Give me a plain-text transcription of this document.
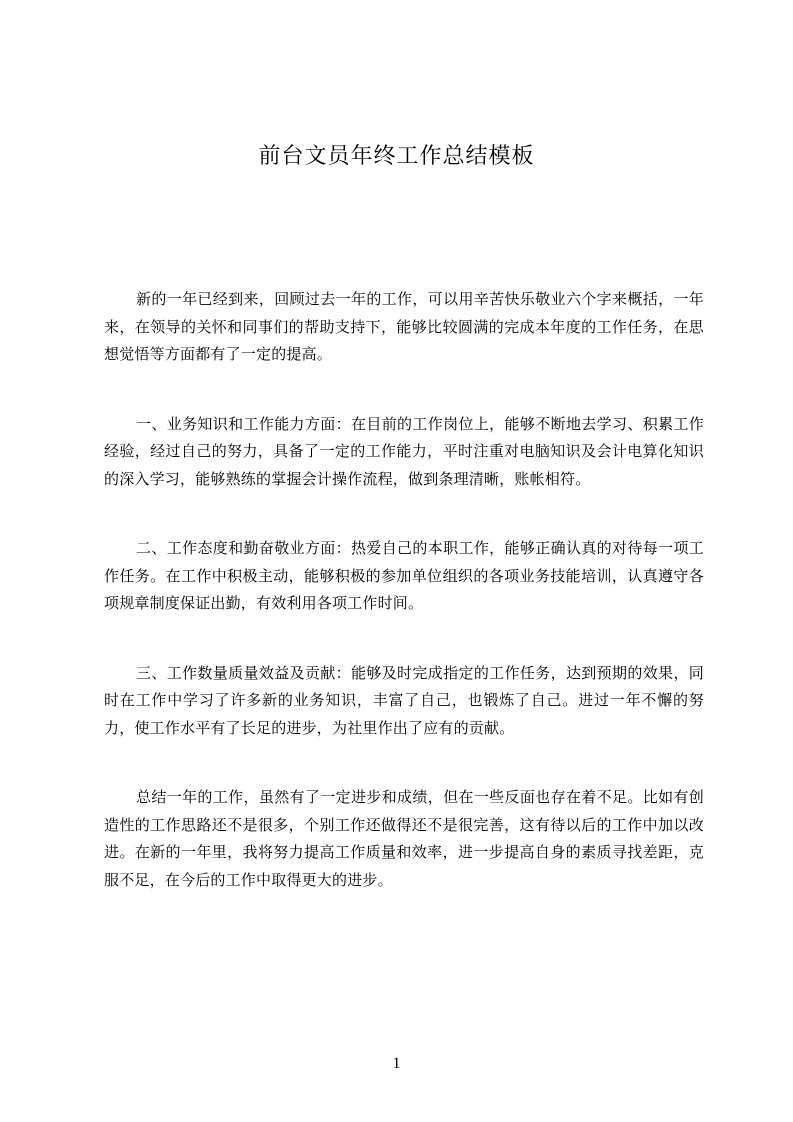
前台文员年终工作总结模板

新的一年已经到来，回顾过去一年的工作，可以用辛苦快乐敬业六个字来概括，一年来，在领导的关怀和同事们的帮助支持下，能够比较圆满的完成本年度的工作任务，在思想觉悟等方面都有了一定的提高。

一、业务知识和工作能力方面：在目前的工作岗位上，能够不断地去学习、积累工作经验，经过自己的努力，具备了一定的工作能力，平时注重对电脑知识及会计电算化知识的深入学习，能够熟练的掌握会计操作流程，做到条理清晰，账帐相符。

二、工作态度和勤奋敬业方面：热爱自己的本职工作，能够正确认真的对待每一项工作任务。在工作中积极主动，能够积极的参加单位组织的各项业务技能培训，认真遵守各项规章制度保证出勤，有效利用各项工作时间。

三、工作数量质量效益及贡献：能够及时完成指定的工作任务，达到预期的效果，同时在工作中学习了许多新的业务知识，丰富了自己，也锻炼了自己。进过一年不懈的努力，使工作水平有了长足的进步，为社里作出了应有的贡献。

总结一年的工作，虽然有了一定进步和成绩，但在一些反面也存在着不足。比如有创造性的工作思路还不是很多，个别工作还做得还不是很完善，这有待以后的工作中加以改进。在新的一年里，我将努力提高工作质量和效率，进一步提高自身的素质寻找差距，克服不足，在今后的工作中取得更大的进步。

1
